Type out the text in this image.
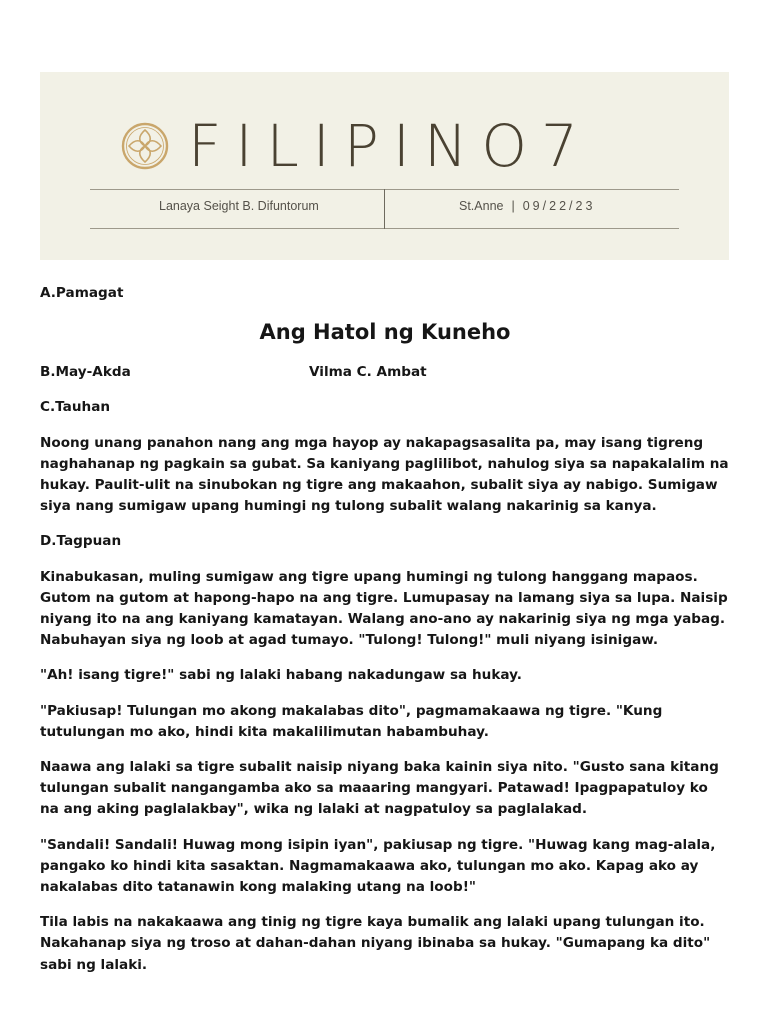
FILIPINO7
Lanaya Seight B. Difuntorum	St.Anne | 09/22/23
A.Pamagat
Ang Hatol ng Kuneho
B.May-Akda	Vilma C. Ambat
C.Tauhan

Noong unang panahon nang ang mga hayop ay nakapagsasalita pa, may isang tigreng naghahanap ng pagkain sa gubat. Sa kaniyang paglilibot, nahulog siya sa napakalalim na hukay. Paulit-ulit na sinubokan ng tigre ang makaahon, subalit siya ay nabigo. Sumigaw siya nang sumigaw upang humingi ng tulong subalit walang nakarinig sa kanya.

D.Tagpuan

Kinabukasan, muling sumigaw ang tigre upang humingi ng tulong hanggang mapaos. Gutom na gutom at hapong-hapo na ang tigre. Lumupasay na lamang siya sa lupa. Naisip niyang ito na ang kaniyang kamatayan. Walang ano-ano ay nakarinig siya ng mga yabag. Nabuhayan siya ng loob at agad tumayo. "Tulong! Tulong!" muli niyang isinigaw.

"Ah! isang tigre!" sabi ng lalaki habang nakadungaw sa hukay.

"Pakiusap! Tulungan mo akong makalabas dito", pagmamakaawa ng tigre. "Kung tutulungan mo ako, hindi kita makalilimutan habambuhay.

Naawa ang lalaki sa tigre subalit naisip niyang baka kainin siya nito. "Gusto sana kitang tulungan subalit nangangamba ako sa maaaring mangyari. Patawad! Ipagpapatuloy ko na ang aking paglalakbay", wika ng lalaki at nagpatuloy sa paglalakad.

"Sandali! Sandali! Huwag mong isipin iyan", pakiusap ng tigre. "Huwag kang mag-alala, pangako ko hindi kita sasaktan. Nagmamakaawa ako, tulungan mo ako. Kapag ako ay nakalabas dito tatanawin kong malaking utang na loob!"

Tila labis na nakakaawa ang tinig ng tigre kaya bumalik ang lalaki upang tulungan ito. Nakahanap siya ng troso at dahan-dahan niyang ibinaba sa hukay. "Gumapang ka dito" sabi ng lalaki.
